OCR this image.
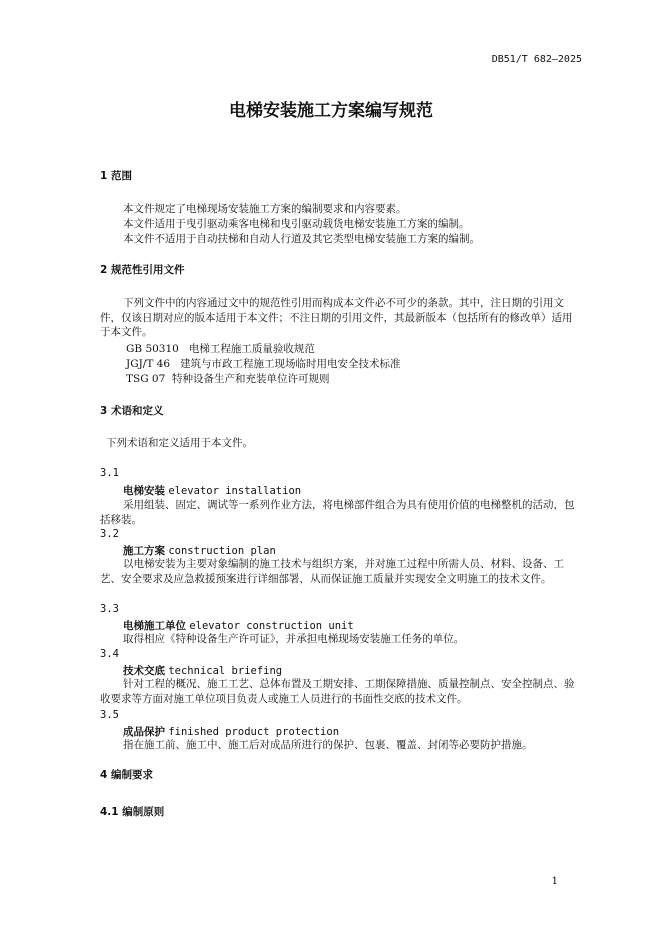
DB51/T 682—2025
电梯安装施工方案编写规范
1 范围
本文件规定了电梯现场安装施工方案的编制要求和内容要素。
本文件适用于曳引驱动乘客电梯和曳引驱动载货电梯安装施工方案的编制。
本文件不适用于自动扶梯和自动人行道及其它类型电梯安装施工方案的编制。
2 规范性引用文件
下列文件中的内容通过文中的规范性引用而构成本文件必不可少的条款。其中，注日期的引用文件，仅该日期对应的版本适用于本文件；不注日期的引用文件，其最新版本（包括所有的修改单）适用于本文件。
GB 50310 电梯工程施工质量验收规范
JGJ/T 46 建筑与市政工程施工现场临时用电安全技术标准
TSG 07 特种设备生产和充装单位许可规则
3 术语和定义
下列术语和定义适用于本文件。
3.1
电梯安装 elevator installation
采用组装、固定、调试等一系列作业方法，将电梯部件组合为具有使用价值的电梯整机的活动，包括移装。
3.2
施工方案 construction plan
以电梯安装为主要对象编制的施工技术与组织方案，并对施工过程中所需人员、材料、设备、工艺、安全要求及应急救援预案进行详细部署，从而保证施工质量并实现安全文明施工的技术文件。
3.3
电梯施工单位 elevator construction unit
取得相应《特种设备生产许可证》，并承担电梯现场安装施工任务的单位。
3.4
技术交底 technical briefing
针对工程的概况、施工工艺、总体布置及工期安排、工期保障措施、质量控制点、安全控制点、验收要求等方面对施工单位项目负责人或施工人员进行的书面性交底的技术文件。
3.5
成品保护 finished product protection
指在施工前、施工中、施工后对成品所进行的保护、包裹、覆盖、封闭等必要防护措施。
4 编制要求
4.1 编制原则
1
